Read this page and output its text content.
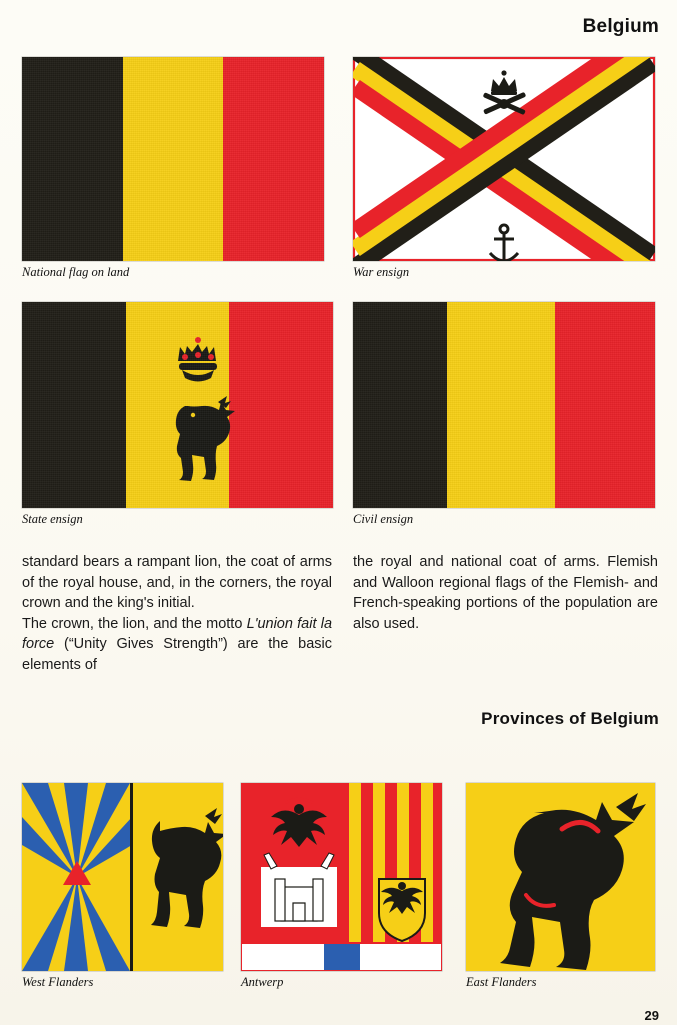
Belgium
National flag on land	War ensign
State ensign	Civil ensign

standard bears a rampant lion, the coat of arms of the royal house, and, in the corners, the royal crown and the king's initial.

The crown, the lion, and the motto L'union fait la force (“Unity Gives Strength”) are the basic elements of

the royal and national coat of arms. Flemish and Walloon regional flags of the Flemish- and French-speaking portions of the population are also used.

Provinces of Belgium
West Flanders	Antwerp	East Flanders
29
